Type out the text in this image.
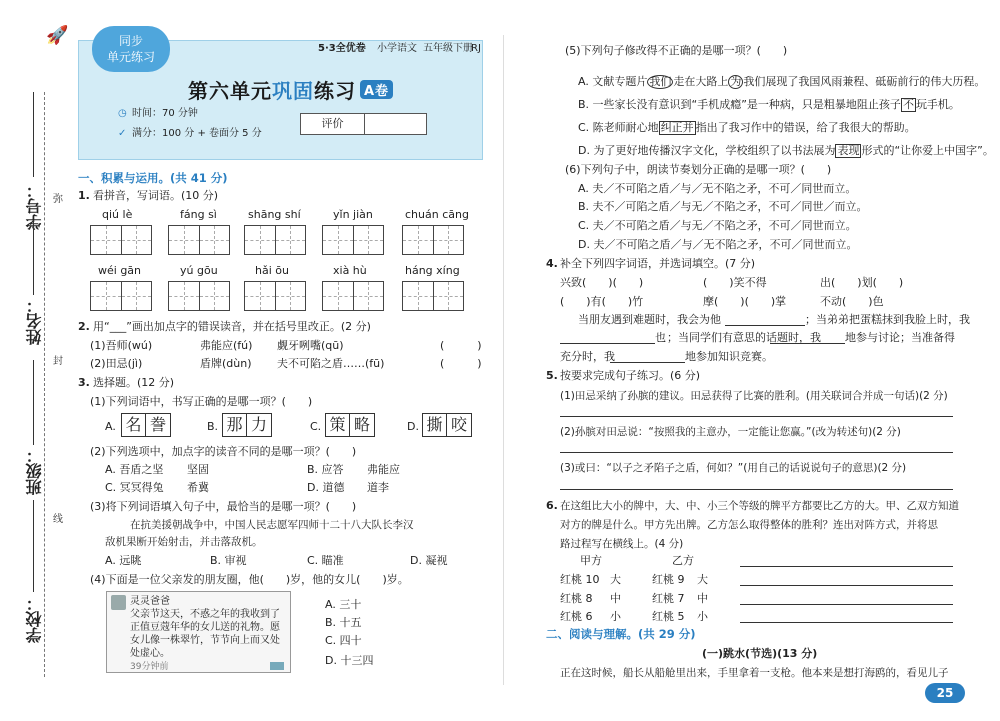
学号：
姓名：
班级：
学校：
弥
封
线
🚀	同步
单元练习
5·3全优卷 小学语文 五年级下册
RJ
第六单元巩固练习 A卷
◷ 时间：70 分钟
✓ 满分：100 分 + 卷面分 5 分
评价
一、积累与运用。(共 41 分)
1. 看拼音，写词语。(10 分)
qiú lè	fáng sì	shāng shí	yǐn jiàn	chuán cāng
wéi gān	yú gōu	hǎi ōu	xià hù	háng xíng
2. 用“___”画出加点字的错误读音，并在括号里改正。(2 分)
(1)吾师(wú)	弗能应(fú) 觑牙咧嘴(qū)	(　　　)
(2)田忌(jì)	盾牌(dùn) 夫不可陷之盾……(fū)	(　　　)
3. 选择题。(12 分)
(1)下列词语中，书写正确的是哪一项？(　　)
A. 名 誊	B. 那 力	C. 策 略	D. 撕 咬
(2)下列选项中，加点字的读音不同的是哪一项？(　　)
A. 吾盾之坚 坚固	B. 应答 弗能应
C. 冥冥得兔 希冀	D. 道德 道李
(3)将下列词语填入句子中，最恰当的是哪一项？(　　)
在抗美援朝战争中，中国人民志愿军四师十二十八大队长李汉
敌机果断开始射击，并击落敌机。
A. 远眺	B. 审视	C. 瞄准	D. 凝视
(4)下面是一位父亲发的朋友圈，他(　　)岁，他的女儿(　　)岁。
灵灵爸爸
父亲节这天，不惑之年的我收到了
正值豆蔻年华的女儿送的礼物。愿
女儿像一株翠竹，节节向上而又处
处虚心。
39分钟前
A. 三十
B. 十五
C. 四十
D. 十三四
(5)下列句子修改得不正确的是哪一项？(　　)
A. 文献专题片 我们 走在大路上 为 我们展现了我国风雨兼程、砥砺前行的伟大历程。
B. 一些家长没有意识到“手机成瘾”是一种病，只是粗暴地阻止孩子 不 玩手机。
C. 陈老师耐心地 纠正并 指出了我习作中的错误，给了我很大的帮助。
D. 为了更好地传播汉字文化，学校组织了以书法展为 表现 形式的“让你爱上中国字”。
(6)下列句子中，朗读节奏划分正确的是哪一项？(　　)
A. 夫／不可陷之盾／与／无不陷之矛，不可／同世而立。
B. 夫不／可陷之盾／与无／不陷之矛，不可／同世／而立。
C. 夫／不可陷之盾／与无／不陷之矛，不可／同世而立。
D. 夫／不可陷之盾／与／无不陷之矛，不可／同世而立。
4. 补全下列四字词语，并选词填空。(7 分)
兴致(　　)(　　)	(　　)笑不得	出(　　)划(　　)
(　　)有(　　)竹	摩(　　)(　　)掌	不动(　　)色
当朋友遇到难题时，我会为他	；当弟弟把蛋糕抹到我脸上时，我
也 ；当同学们有意思的话题时，我 地参与讨论；当准备得
充分时，我	地参加知识竞赛。
5. 按要求完成句子练习。(6 分)
(1)田忌采纳了孙膑的建议。田忌获得了比赛的胜利。(用关联词合并成一句话)(2 分)
(2)孙膑对田忌说：“按照我的主意办，一定能让您赢。”(改为转述句)(2 分)
(3)或曰：“以子之矛陷子之盾，何如？”(用自己的话说说句子的意思)(2 分)
6. 在这组比大小的牌中，大、中、小三个等级的牌平方都要比乙方的大。甲、乙双方知道
对方的牌是什么。甲方先出牌。乙方怎么取得整体的胜利？连出对阵方式，并将思
路过程写在横线上。(4 分)
甲方	乙方
红桃 10 大	红桃 9 大
红桃 8 中	红桃 7 中
红桃 6 小	红桃 5 小
二、阅读与理解。(共 29 分)
(一)跳水(节选)(13 分)
正在这时候，船长从船舱里出来，手里拿着一支枪。他本来是想打海鸥的，看见儿子
25
